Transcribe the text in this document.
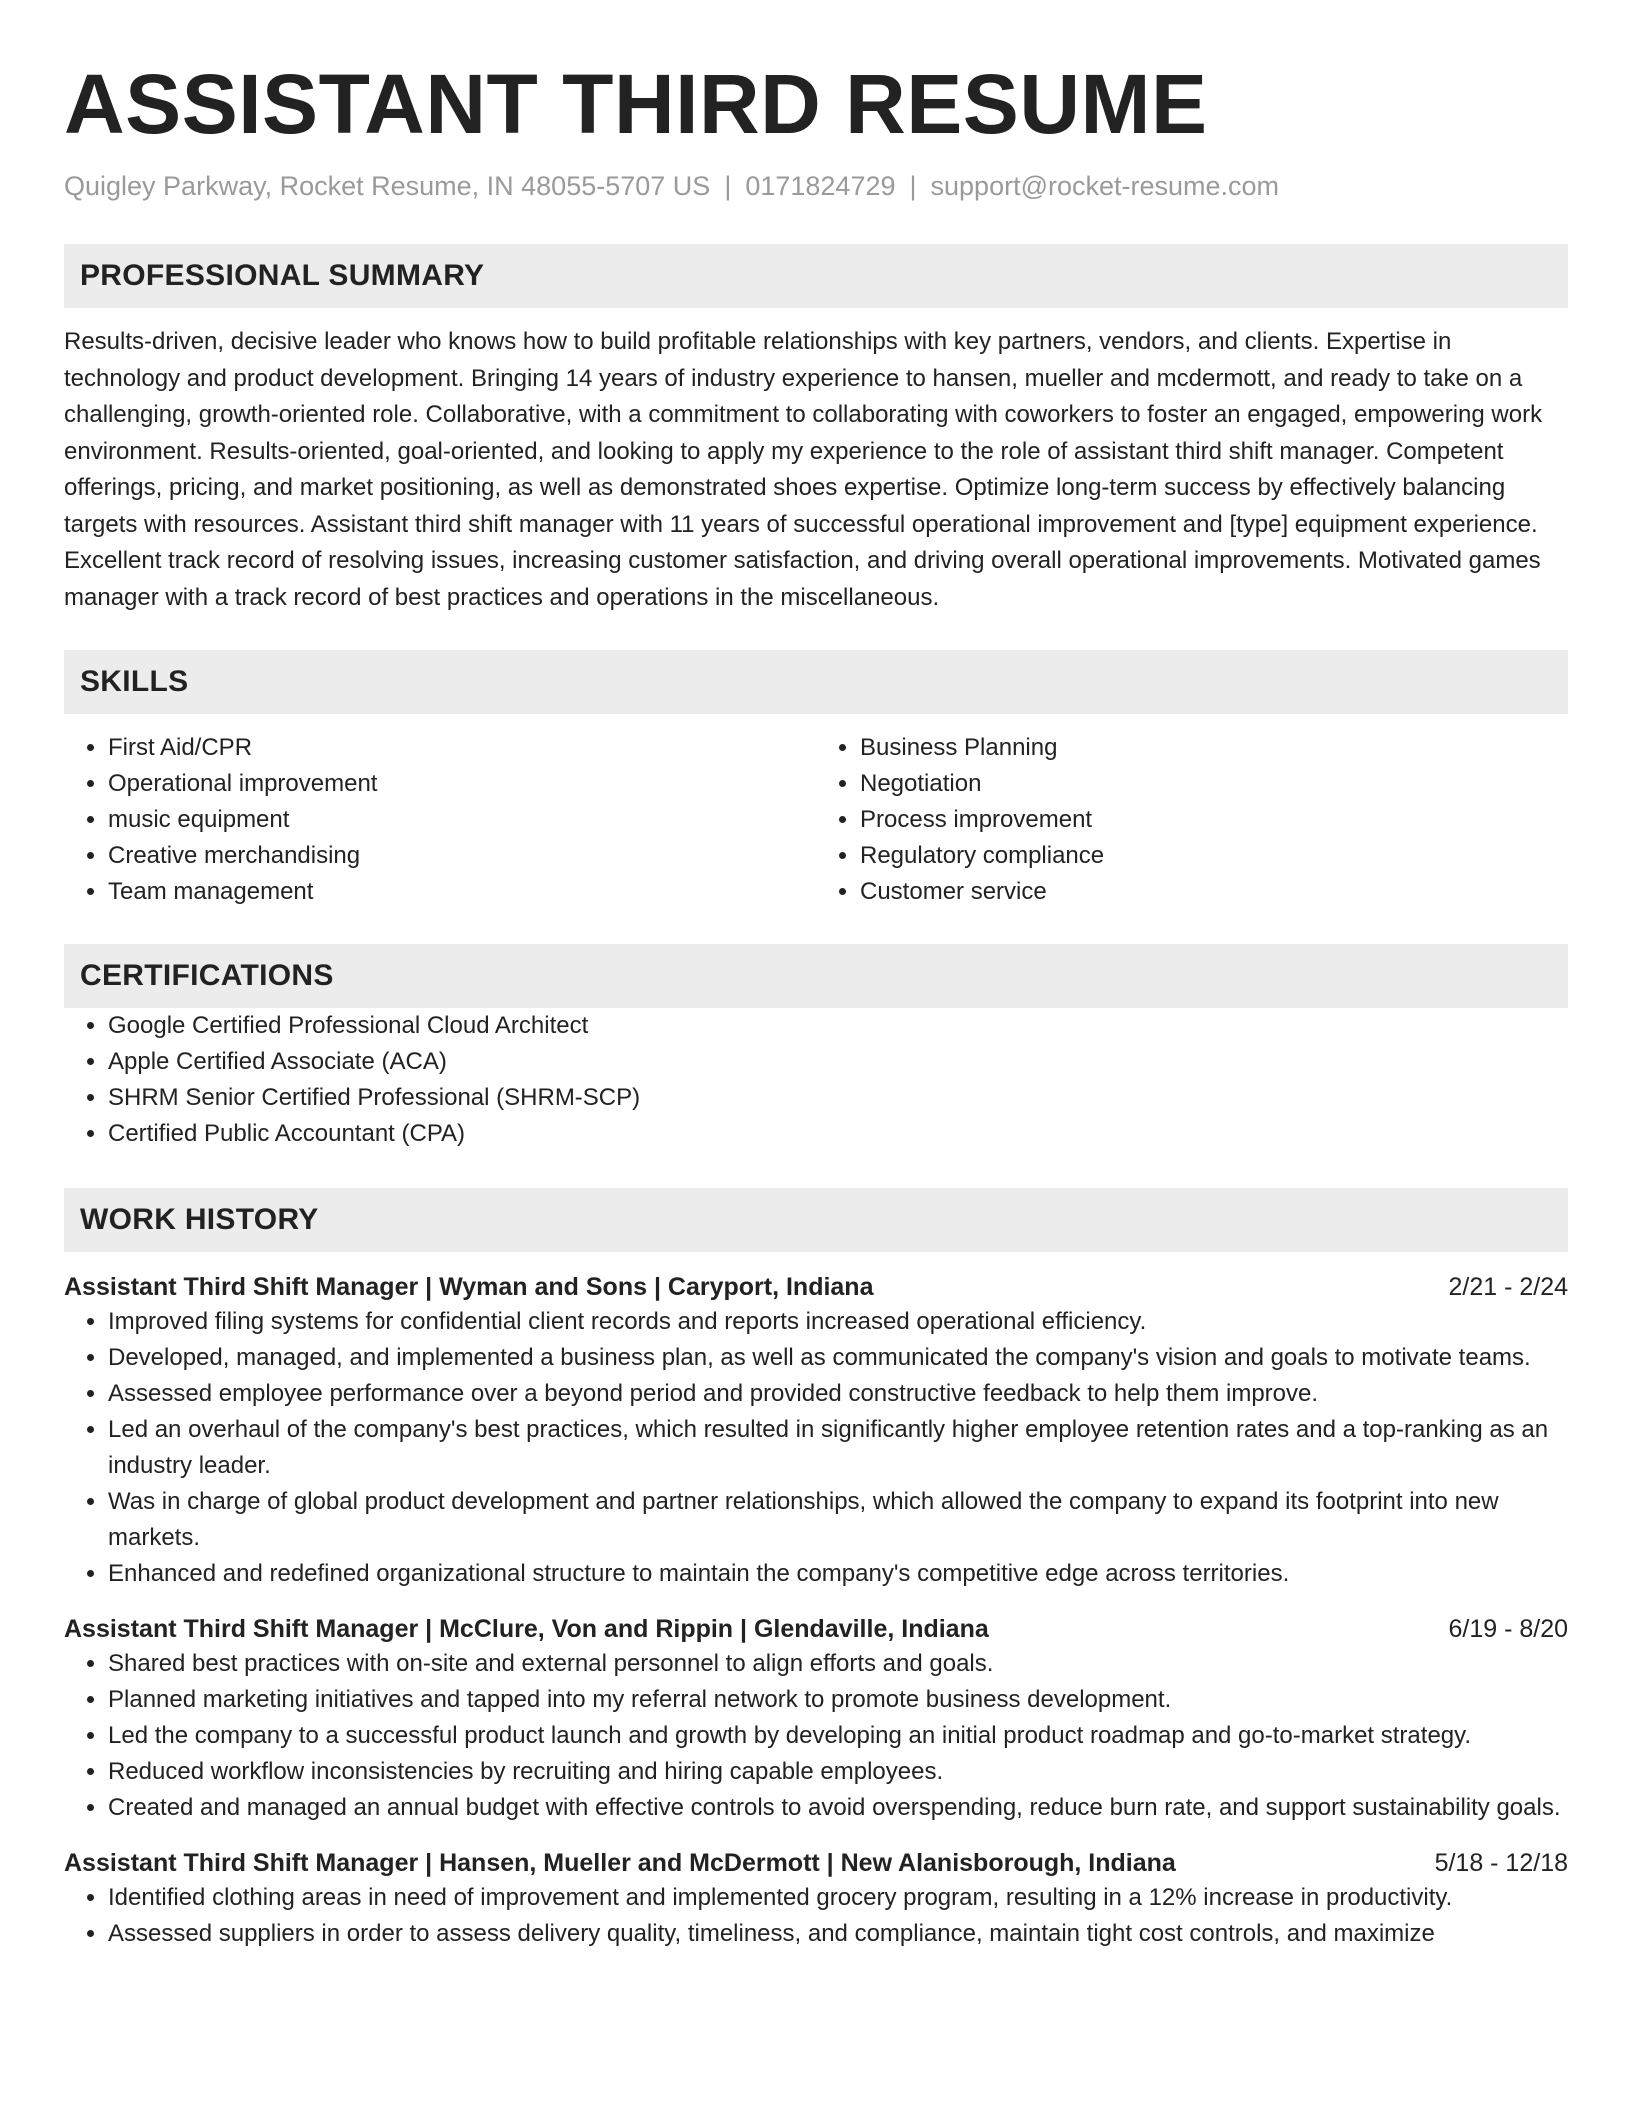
ASSISTANT THIRD RESUME
Quigley Parkway, Rocket Resume, IN 48055-5707 US | 0171824729 | support@rocket-resume.com
PROFESSIONAL SUMMARY
Results-driven, decisive leader who knows how to build profitable relationships with key partners, vendors, and clients. Expertise in technology and product development. Bringing 14 years of industry experience to hansen, mueller and mcdermott, and ready to take on a challenging, growth-oriented role. Collaborative, with a commitment to collaborating with coworkers to foster an engaged, empowering work environment. Results-oriented, goal-oriented, and looking to apply my experience to the role of assistant third shift manager. Competent offerings, pricing, and market positioning, as well as demonstrated shoes expertise. Optimize long-term success by effectively balancing targets with resources. Assistant third shift manager with 11 years of successful operational improvement and [type] equipment experience. Excellent track record of resolving issues, increasing customer satisfaction, and driving overall operational improvements. Motivated games manager with a track record of best practices and operations in the miscellaneous.
SKILLS
• First Aid/CPR
• Operational improvement
• music equipment
• Creative merchandising
• Team management
• Business Planning
• Negotiation
• Process improvement
• Regulatory compliance
• Customer service
CERTIFICATIONS
• Google Certified Professional Cloud Architect
• Apple Certified Associate (ACA)
• SHRM Senior Certified Professional (SHRM-SCP)
• Certified Public Accountant (CPA)
WORK HISTORY
Assistant Third Shift Manager | Wyman and Sons | Caryport, Indiana	2/21 - 2/24
• Improved filing systems for confidential client records and reports increased operational efficiency.
• Developed, managed, and implemented a business plan, as well as communicated the company's vision and goals to motivate teams.
• Assessed employee performance over a beyond period and provided constructive feedback to help them improve.
• Led an overhaul of the company's best practices, which resulted in significantly higher employee retention rates and a top-ranking as an industry leader.
• Was in charge of global product development and partner relationships, which allowed the company to expand its footprint into new markets.
• Enhanced and redefined organizational structure to maintain the company's competitive edge across territories.
Assistant Third Shift Manager | McClure, Von and Rippin | Glendaville, Indiana	6/19 - 8/20
• Shared best practices with on-site and external personnel to align efforts and goals.
• Planned marketing initiatives and tapped into my referral network to promote business development.
• Led the company to a successful product launch and growth by developing an initial product roadmap and go-to-market strategy.
• Reduced workflow inconsistencies by recruiting and hiring capable employees.
• Created and managed an annual budget with effective controls to avoid overspending, reduce burn rate, and support sustainability goals.
Assistant Third Shift Manager | Hansen, Mueller and McDermott | New Alanisborough, Indiana	5/18 - 12/18
• Identified clothing areas in need of improvement and implemented grocery program, resulting in a 12% increase in productivity.
• Assessed suppliers in order to assess delivery quality, timeliness, and compliance, maintain tight cost controls, and maximize
